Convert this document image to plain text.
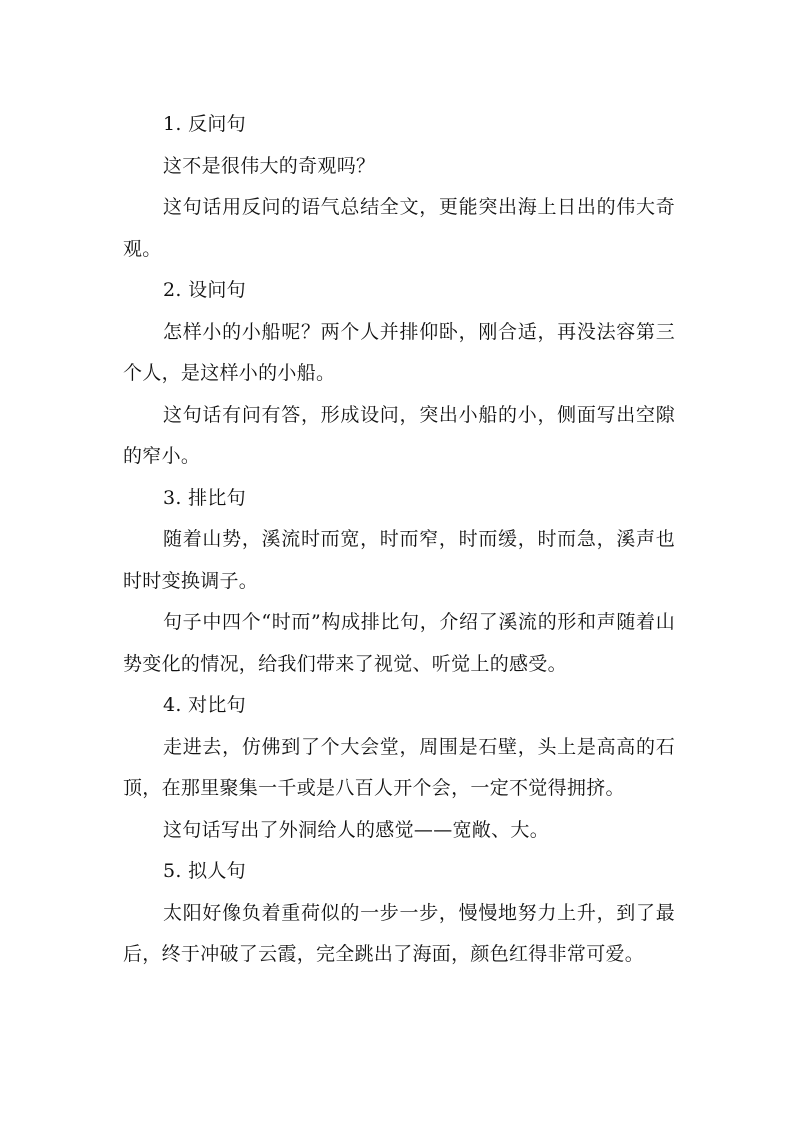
1. 反问句

这不是很伟大的奇观吗？

这句话用反问的语气总结全文，更能突出海上日出的伟大奇观。

2. 设问句

怎样小的小船呢？两个人并排仰卧，刚合适，再没法容第三个人，是这样小的小船。

这句话有问有答，形成设问，突出小船的小，侧面写出空隙的窄小。

3. 排比句

随着山势，溪流时而宽，时而窄，时而缓，时而急，溪声也时时变换调子。

句子中四个“时而”构成排比句，介绍了溪流的形和声随着山势变化的情况，给我们带来了视觉、听觉上的感受。

4. 对比句

走进去，仿佛到了个大会堂，周围是石壁，头上是高高的石顶，在那里聚集一千或是八百人开个会，一定不觉得拥挤。

这句话写出了外洞给人的感觉——宽敞、大。

5. 拟人句

太阳好像负着重荷似的一步一步，慢慢地努力上升，到了最后，终于冲破了云霞，完全跳出了海面，颜色红得非常可爱。
